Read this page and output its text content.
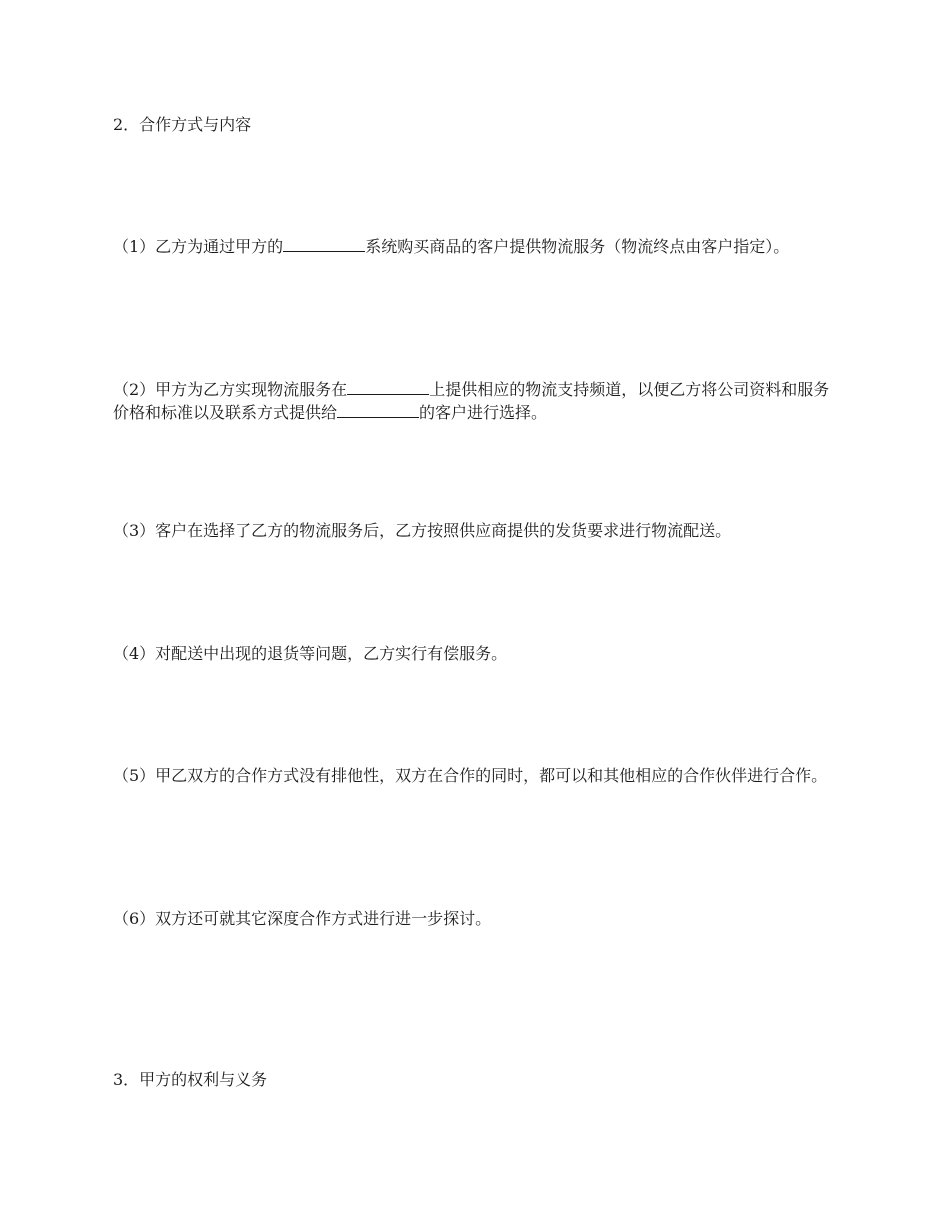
2．合作方式与内容

（1）乙方为通过甲方的	系统购买商品的客户提供物流服务（物流终点由客户指定）。

（2）甲方为乙方实现物流服务在	上提供相应的物流支持频道，以便乙方将公司资料和服务价格和标准以及联系方式提供给	的客户进行选择。

（3）客户在选择了乙方的物流服务后，乙方按照供应商提供的发货要求进行物流配送。

（4）对配送中出现的退货等问题，乙方实行有偿服务。

（5）甲乙双方的合作方式没有排他性，双方在合作的同时，都可以和其他相应的合作伙伴进行合作。

（6）双方还可就其它深度合作方式进行进一步探讨。

3．甲方的权利与义务
